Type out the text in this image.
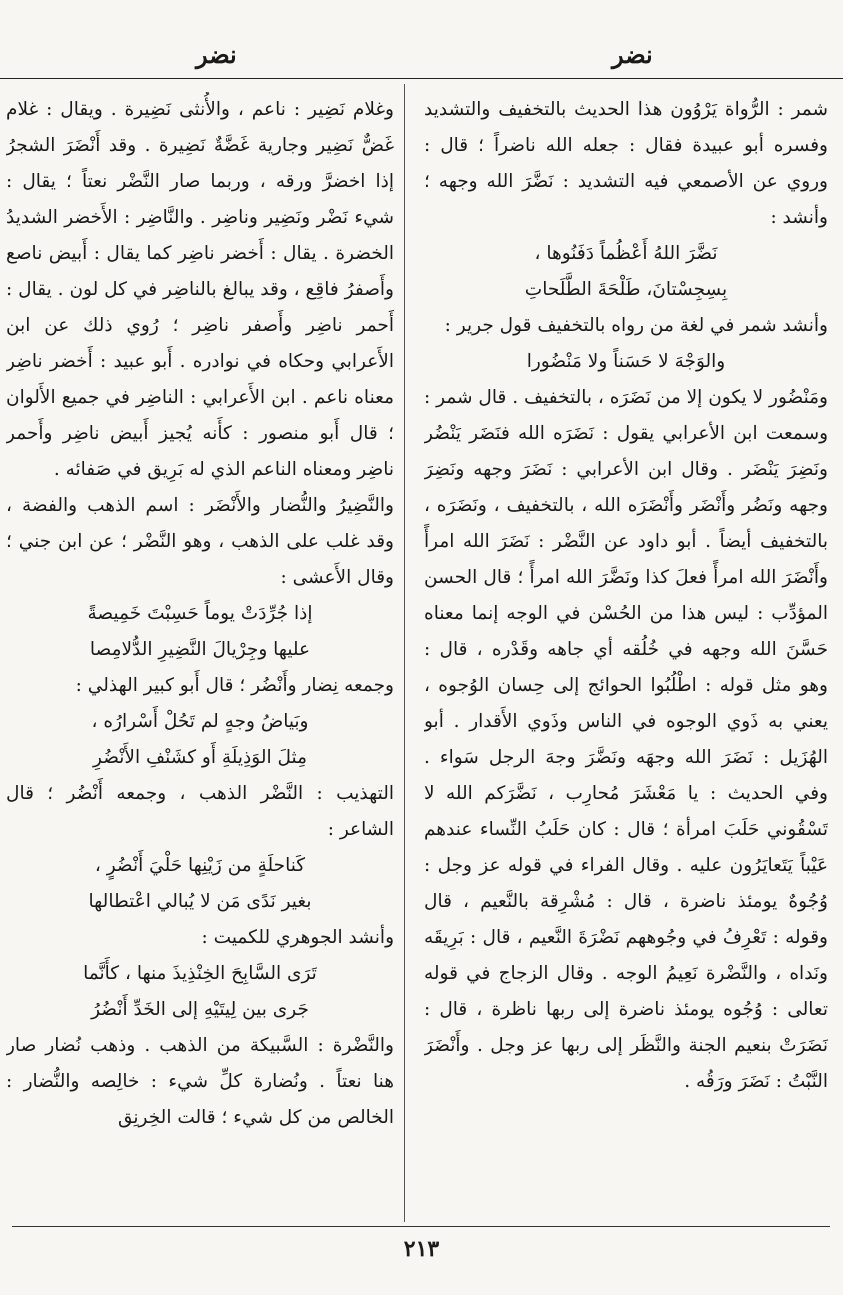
نضر
نضر

شمر : الرُّواة يَرْوُون هذا الحديث بالتخفيف والتشديد وفسره أبو عبيدة فقال : جعله الله ناضراً ؛ قال : وروي عن الأصمعي فيه التشديد : نَضَّرَ الله وجهه ؛ وأنشد :

نَضَّرَ اللهُ أَعْظُماً دَفَنُوها ،

بِسِجِسْتانَ، طَلْحَةَ الطَّلَحاتِ

وأنشد شمر في لغة من رواه بالتخفيف قول جرير :

والوَجْهَ لا حَسَناً ولا مَنْضُورا

ومَنْضُور لا يكون إلا من نَضَرَه ، بالتخفيف . قال شمر : وسمعت ابن الأعرابي يقول : نَضَرَه الله فنَضَر يَنْضُر ونَضِرَ يَنْضَر . وقال ابن الأعرابي : نَضَرَ وجهه ونَضِرَ وجهه ونَضُر وأَنْضَر وأَنْضَرَه الله ، بالتخفيف ، ونَضَرَه ، بالتخفيف أيضاً . أبو داود عن النَّضْر : نَضَرَ الله امرأً وأَنْضَرَ الله امرأً فعلَ كذا ونَضَّرَ الله امرأً ؛ قال الحسن المؤدِّب : ليس هذا من الحُسْن في الوجه إنما معناه حَسَّنَ الله وجهه في خُلُقه أي جاهه وقَدْره ، قال : وهو مثل قوله : اطْلُبُوا الحوائج إلى حِسان الوُجوه ، يعني به ذَوي الوجوه في الناس وذَوي الأَقدار . أبو الهُزَيل : نَضَرَ الله وجهَه ونَضَّرَ وجهَ الرجل سَواء . وفي الحديث : يا مَعْشَرَ مُحارِب ، نَضَّرَكم الله لا تَسْقُوني حَلَبَ امرأة ؛ قال : كان حَلَبُ النِّساء عندهم عَيْباً يَتَعايَرُون عليه . وقال الفراء في قوله عز وجل : وُجُوهٌ يومئذ ناضرة ، قال : مُشْرِقة بالنَّعيم ، قال وقوله : تَعْرِفُ في وجُوههم نَضْرَةَ النَّعيم ، قال : بَرِيقَه ونَداه ، والنَّضْرة نَعِيمُ الوجه . وقال الزجاج في قوله تعالى : وُجُوه يومئذ ناضرة إلى ربها ناظرة ، قال : نَضَرَتْ بنعيم الجنة والنَّظَر إلى ربها عز وجل . وأَنْضَرَ النَّبْتُ : نَضَرَ ورَقُه .

وغلام نَضِير : ناعم ، والأُنثى نَضِيرة . ويقال : غلام غَضٌّ نَضِير وجارية غَضَّةٌ نَضِيرة . وقد أَنْضَرَ الشجرُ إذا اخضرَّ ورقه ، وربما صار النَّضْر نعتاً ؛ يقال : شيء نَضْر ونَضِير وناضِر . والنَّاضِر : الأَخضر الشديدُ الخضرة . يقال : أَخضر ناضِر كما يقال : أَبيض ناصع وأَصفرُ فاقِع ، وقد يبالغ بالناضِر في كل لون . يقال : أَحمر ناضِر وأَصفر ناضِر ؛ رُوي ذلك عن ابن الأَعرابي وحكاه في نوادره . أَبو عبيد : أَخضر ناضِر معناه ناعم . ابن الأَعرابي : الناضِر في جميع الأَلوان ؛ قال أَبو منصور : كأَنه يُجيز أَبيض ناضِر وأَحمر ناضِر ومعناه الناعم الذي له بَرِيق في صَفائه .

والنَّضِيرُ والنُّضار والأَنْضَر : اسم الذهب والفضة ، وقد غلب على الذهب ، وهو النَّضْر ؛ عن ابن جني ؛ وقال الأَعشى :

إذا جُرِّدَتْ يوماً حَسِبْتَ خَمِيصةً

عليها وجِرْيالَ النَّضِيرِ الدُّلامِصا

وجمعه نِضار وأَنْضُر ؛ قال أَبو كبير الهذلي :

وبَياضُ وجهٍ لم تَحُلْ أَسْرارُه ،

مِثلَ الوَذِيلَةِ أَو كشَنْفِ الأَنْضُرِ

التهذيب : النَّضْر الذهب ، وجمعه أَنْضُر ؛ قال الشاعر :

كَناحلَةٍ من زَيْنِها حَلْيَ أَنْضُرٍ ،

بغير نَدًى مَن لا يُبالي اعْتطالها

وأنشد الجوهري للكميت :

تَرَى السَّابِحَ الخِنْذِيذَ منها ، كأَنَّما

جَرى بين لِيتَيْهِ إلى الخَدِّ أَنْضُرُ

والنَّضْرة : السَّبيكة من الذهب . وذهب نُضار صار هنا نعتاً . ونُضارة كلِّ شيء : خالِصه والنُّضار : الخالص من كل شيء ؛ قالت الخِرنِق

٢١٣
